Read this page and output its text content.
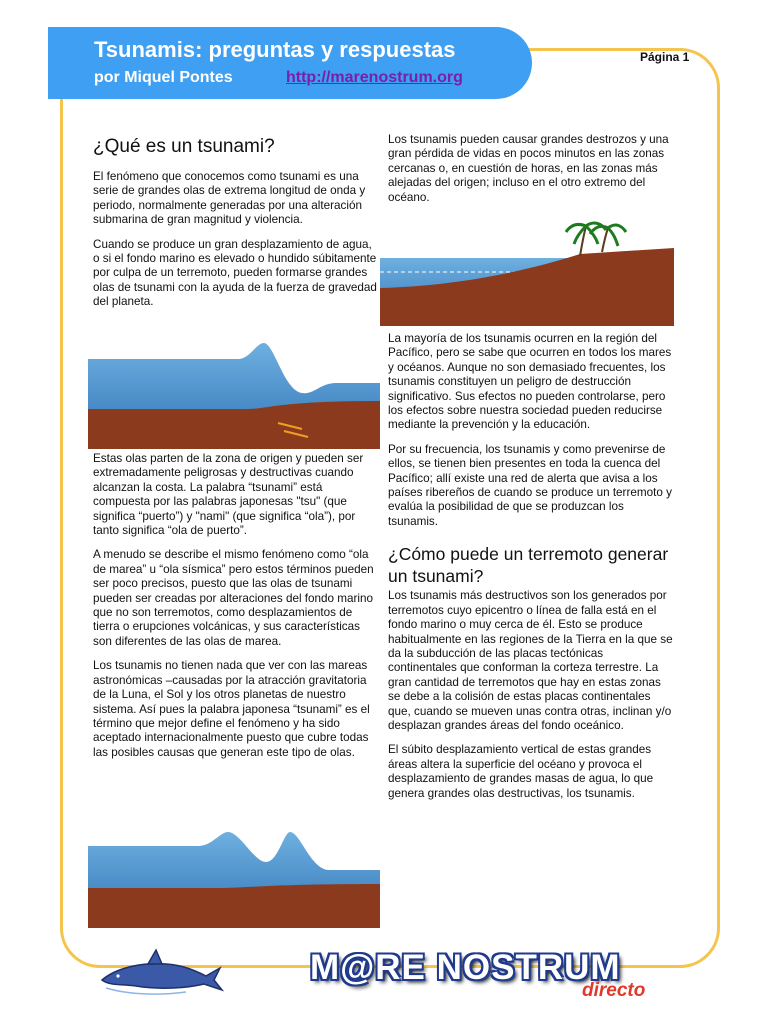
Tsunamis: preguntas y respuestas
por Miquel Pontes	http://marenostrum.org
Página 1
¿Qué es un tsunami?

El fenómeno que conocemos como tsunami es una serie de grandes olas de extrema longitud de onda y periodo, normalmente generadas por una alteración submarina de gran magnitud y violencia.

Cuando se produce un gran desplazamiento de agua, o si el fondo marino es elevado o hundido súbitamente por culpa de un terremoto, pueden formarse grandes olas de tsunami con la ayuda de la fuerza de gravedad del planeta.

Estas olas parten de la zona de origen y pueden ser extremadamente peligrosas y destructivas cuando alcanzan la costa. La palabra “tsunami” está compuesta por las palabras japonesas "tsu" (que significa “puerto”) y "nami" (que significa “ola”), por tanto significa “ola de puerto”.

A menudo se describe el mismo fenómeno como “ola de marea” u “ola sísmica” pero estos términos pueden ser poco precisos, puesto que las olas de tsunami pueden ser creadas por alteraciones del fondo marino que no son terremotos, como desplazamientos de tierra o erupciones volcánicas, y sus características son diferentes de las olas de marea.

Los tsunamis no tienen nada que ver con las mareas astronómicas –causadas por la atracción gravitatoria de la Luna, el Sol y los otros planetas de nuestro sistema. Así pues la palabra japonesa “tsunami” es el término que mejor define el fenómeno y ha sido aceptado internacionalmente puesto que cubre todas las posibles causas que generan este tipo de olas.

Los tsunamis pueden causar grandes destrozos y una gran pérdida de vidas en pocos minutos en las zonas cercanas o, en cuestión de horas, en las zonas más alejadas del origen; incluso en el otro extremo del océano.

La mayoría de los tsunamis ocurren en la región del Pacífico, pero se sabe que ocurren en todos los mares y océanos. Aunque no son demasiado frecuentes, los tsunamis constituyen un peligro de destrucción significativo. Sus efectos no pueden controlarse, pero los efectos sobre nuestra sociedad pueden reducirse mediante la prevención y la educación.

Por su frecuencia, los tsunamis y como prevenirse de ellos, se tienen bien presentes en toda la cuenca del Pacífico; allí existe una red de alerta que avisa a los países ribereños de cuando se produce un terremoto y evalúa la posibilidad de que se produzcan los tsunamis.

¿Cómo puede un terremoto generar un tsunami?

Los tsunamis más destructivos son los generados por terremotos cuyo epicentro o línea de falla está en el fondo marino o muy cerca de él. Esto se produce habitualmente en las regiones de la Tierra en la que se da la subducción de las placas tectónicas continentales que conforman la corteza terrestre. La gran cantidad de terremotos que hay en estas zonas se debe a la colisión de estas placas continentales que, cuando se mueven unas contra otras, inclinan y/o desplazan grandes áreas del fondo oceánico.

El súbito desplazamiento vertical de estas grandes áreas altera la superficie del océano y provoca el desplazamiento de grandes masas de agua, lo que genera grandes olas destructivas, los tsunamis.

M@RE NOSTRUM
directo
